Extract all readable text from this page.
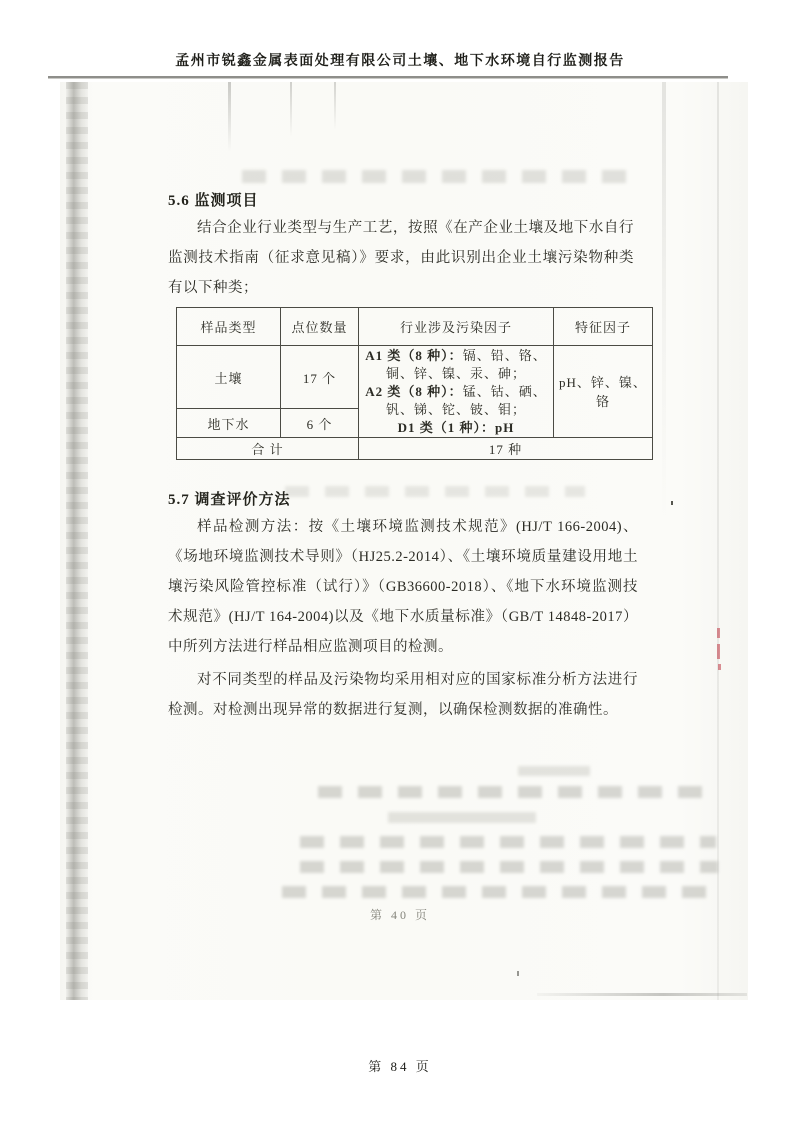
孟州市锐鑫金属表面处理有限公司土壤、地下水环境自行监测报告
5.6 监测项目
结合企业行业类型与生产工艺，按照《在产企业土壤及地下水自行监测技术指南（征求意见稿）》要求，由此识别出企业土壤污染物种类有以下种类；
样品类型	点位数量	行业涉及污染因子	特征因子
土壤	17 个	A1 类（8 种）：镉、铅、铬、铜、锌、镍、汞、砷；
A2 类（8 种）：锰、钴、硒、钒、锑、铊、铍、钼；
D1 类（1 种）：pH	pH、锌、镍、铬
地下水	6 个		
合 计		17 种	
5.7 调查评价方法
样品检测方法：按《土壤环境监测技术规范》(HJ/T 166-2004)、《场地环境监测技术导则》（HJ25.2-2014）、《土壤环境质量建设用地土壤污染风险管控标准（试行）》（GB36600-2018）、《地下水环境监测技术规范》(HJ/T 164-2004)以及《地下水质量标准》（GB/T 14848-2017）中所列方法进行样品相应监测项目的检测。
对不同类型的样品及污染物均采用相对应的国家标准分析方法进行检测。对检测出现异常的数据进行复测，以确保检测数据的准确性。
第 40 页
第 84 页
